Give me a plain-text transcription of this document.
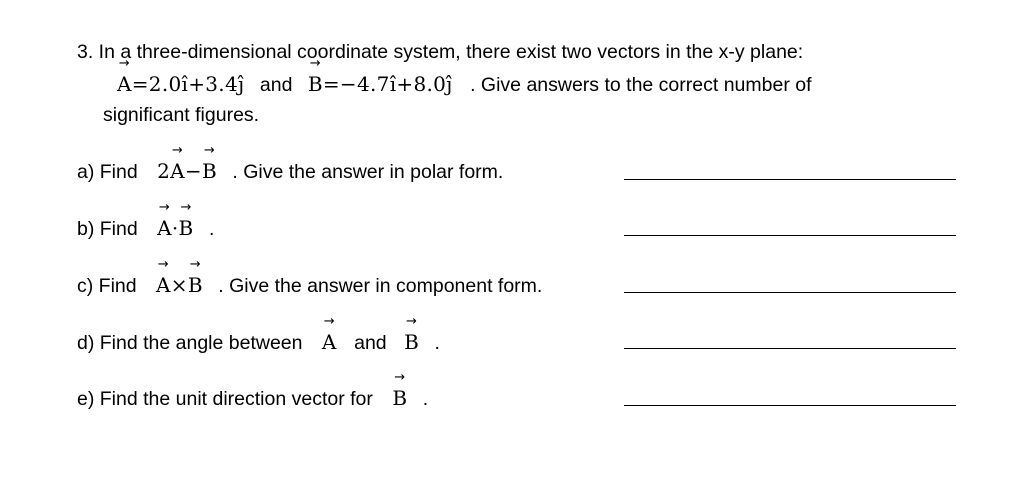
3. In a three-dimensional coordinate system, there exist two vectors in the x-y plane:
→ A=2.0î+3.4ĵ and → B=−4.7î+8.0ĵ . Give answers to the correct number of
significant figures.
a) Find 2→ A−→ B . Give the answer in polar form.
b) Find → A·→ B .
c) Find → A×→ B . Give the answer in component form.
d) Find the angle between → A and → B .
e) Find the unit direction vector for → B .
